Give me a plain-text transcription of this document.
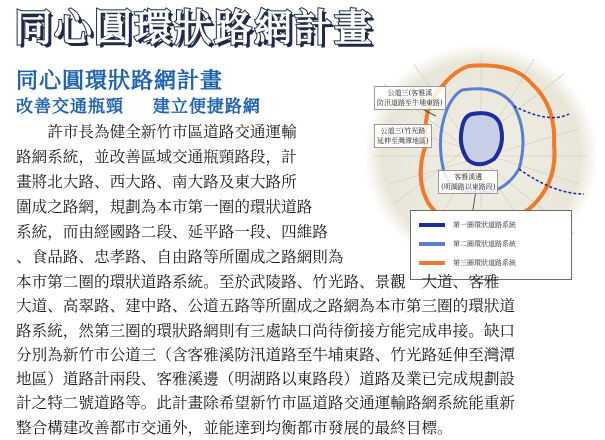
同心圓環狀路網計畫
同心圓環狀路網計畫
改善交通瓶頸 建立便捷路網

　　許市長為健全新竹市區道路交通運輸

路網系統，並改善區域交通瓶頸路段，計

畫將北大路、西大路、南大路及東大路所

圍成之路網，規劃為本市第一圈的環狀道路

系統，而由經國路二段、延平路一段、四維路

、食品路、忠孝路、自由路等所圍成之路網則為

公道三(客雅溪
防汛道路至牛埔東路)
公道三(竹光路
延伸至灣潭地區)
客雅溪邊
(明湖路以東路段)
第一圈環狀道路系統
第二圈環狀道路系統
第三圈環狀道路系統

本市第二圈的環狀道路系統。至於武陵路、竹光路、景觀　大道、客雅

大道、高翠路、建中路、公道五路等所圍成之路網為本市第三圈的環狀道

路系統，然第三圈的環狀路網則有三處缺口尚待銜接方能完成串接。缺口

分別為新竹市公道三（含客雅溪防汛道路至牛埔東路、竹光路延伸至灣潭

地區）道路計兩段、客雅溪邊（明湖路以東路段）道路及業已完成規劃設

計之特二號道路等。此計畫除希望新竹市區道路交通運輸路網系統能重新

整合構建改善都市交通外，並能達到均衡都市發展的最終目標。
